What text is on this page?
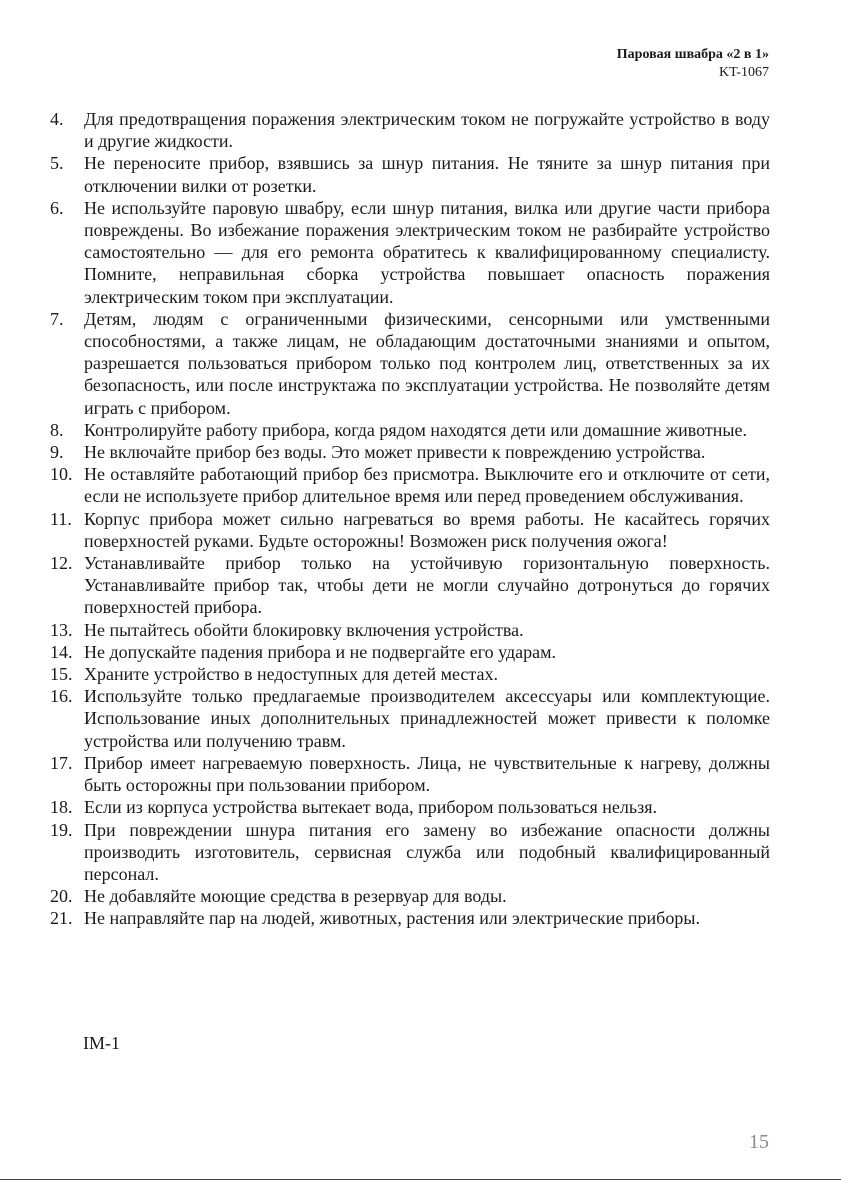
Паровая швабра «2 в 1»
KT-1067
4.	Для предотвращения поражения электрическим током не погружайте устройство в воду и другие жидкости.
5.	Не переносите прибор, взявшись за шнур питания. Не тяните за шнур питания при отключении вилки от розетки.
6.	Не используйте паровую швабру, если шнур питания, вилка или другие части прибора повреждены. Во избежание поражения электрическим током не разбирайте устройство самостоятельно — для его ремонта обратитесь к квалифицированному специалисту. Помните, неправильная сборка устройства повышает опасность поражения электрическим током при эксплуатации.
7.	Детям, людям с ограниченными физическими, сенсорными или умственными способностями, а также лицам, не обладающим достаточными знаниями и опытом, разрешается пользоваться прибором только под контролем лиц, ответственных за их безопасность, или после инструктажа по эксплуатации устройства. Не позволяйте детям играть с прибором.
8.	Контролируйте работу прибора, когда рядом находятся дети или домашние животные.
9.	Не включайте прибор без воды. Это может привести к повреждению устройства.
10. Не оставляйте работающий прибор без присмотра. Выключите его и отключите от сети, если не используете прибор длительное время или перед проведением обслуживания.
11. Корпус прибора может сильно нагреваться во время работы. Не касайтесь горячих поверхностей руками. Будьте осторожны! Возможен риск получения ожога!
12. Устанавливайте прибор только на устойчивую горизонтальную поверхность. Устанавливайте прибор так, чтобы дети не могли случайно дотронуться до горячих поверхностей прибора.
13. Не пытайтесь обойти блокировку включения устройства.
14. Не допускайте падения прибора и не подвергайте его ударам.
15. Храните устройство в недоступных для детей местах.
16. Используйте только предлагаемые производителем аксессуары или комплектующие. Использование иных дополнительных принадлежностей может привести к поломке устройства или получению травм.
17. Прибор имеет нагреваемую поверхность. Лица, не чувствительные к нагреву, должны быть осторожны при пользовании прибором.
18. Если из корпуса устройства вытекает вода, прибором пользоваться нельзя.
19. При повреждении шнура питания его замену во избежание опасности должны производить изготовитель, сервисная служба или подобный квалифицированный персонал.
20. Не добавляйте моющие средства в резервуар для воды.
21. Не направляйте пар на людей, животных, растения или электрические приборы.
IM-1
15
